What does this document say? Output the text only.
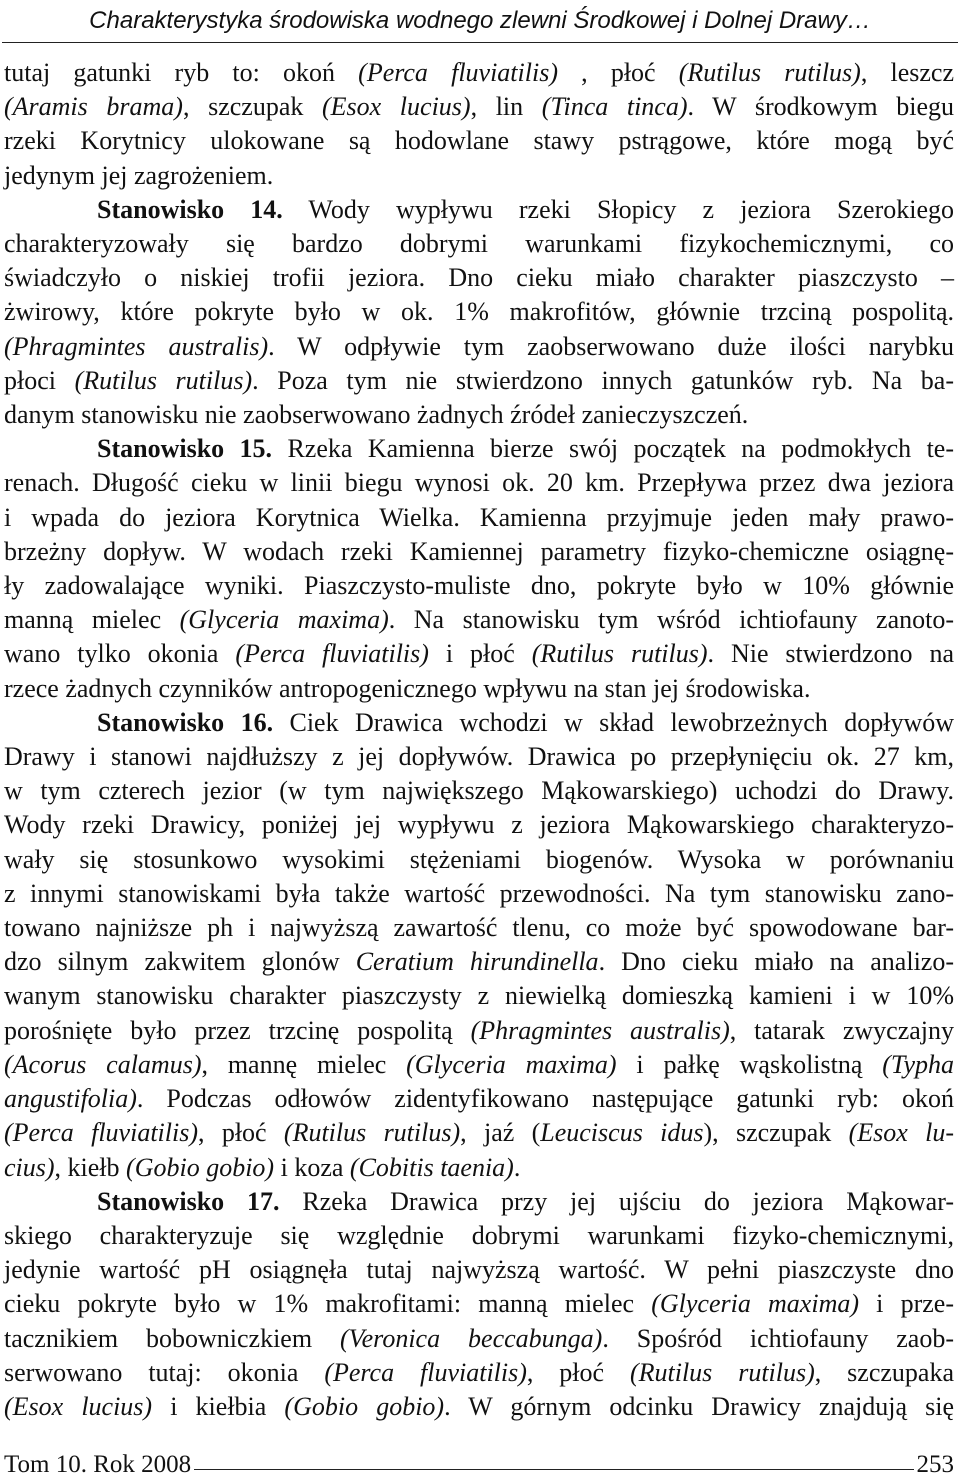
Charakterystyka środowiska wodnego zlewni Środkowej i Dolnej Drawy…
tutaj gatunki ryb to: okoń (Perca fluviatilis) , płoć (Rutilus rutilus), leszcz
(Aramis brama), szczupak (Esox lucius), lin (Tinca tinca). W środkowym biegu
rzeki Korytnicy ulokowane są hodowlane stawy pstrągowe, które mogą być
jedynym jej zagrożeniem.
Stanowisko 14. Wody wypływu rzeki Słopicy z jeziora Szerokiego
charakteryzowały się bardzo dobrymi warunkami fizykochemicznymi, co
świadczyło o niskiej trofii jeziora. Dno cieku miało charakter piaszczysto –
żwirowy, które pokryte było w ok. 1% makrofitów, głównie trzciną pospolitą.
(Phragmintes australis). W odpływie tym zaobserwowano duże ilości narybku
płoci (Rutilus rutilus). Poza tym nie stwierdzono innych gatunków ryb. Na ba-
danym stanowisku nie zaobserwowano żadnych źródeł zanieczyszczeń.
Stanowisko 15. Rzeka Kamienna bierze swój początek na podmokłych te-
renach. Długość cieku w linii biegu wynosi ok. 20 km. Przepływa przez dwa jeziora
i wpada do jeziora Korytnica Wielka. Kamienna przyjmuje jeden mały prawo-
brzeżny dopływ. W wodach rzeki Kamiennej parametry fizyko-chemiczne osiągnę-
ły zadowalające wyniki. Piaszczysto-muliste dno, pokryte było w 10% głównie
manną mielec (Glyceria maxima). Na stanowisku tym wśród ichtiofauny zanoto-
wano tylko okonia (Perca fluviatilis) i płoć (Rutilus rutilus). Nie stwierdzono na
rzece żadnych czynników antropogenicznego wpływu na stan jej środowiska.
Stanowisko 16. Ciek Drawica wchodzi w skład lewobrzeżnych dopływów
Drawy i stanowi najdłuższy z jej dopływów. Drawica po przepłynięciu ok. 27 km,
w tym czterech jezior (w tym największego Mąkowarskiego) uchodzi do Drawy.
Wody rzeki Drawicy, poniżej jej wypływu z jeziora Mąkowarskiego charakteryzo-
wały się stosunkowo wysokimi stężeniami biogenów. Wysoka w porównaniu
z innymi stanowiskami była także wartość przewodności. Na tym stanowisku zano-
towano najniższe ph i najwyższą zawartość tlenu, co może być spowodowane bar-
dzo silnym zakwitem glonów Ceratium hirundinella. Dno cieku miało na analizo-
wanym stanowisku charakter piaszczysty z niewielką domieszką kamieni i w 10%
porośnięte było przez trzcinę pospolitą (Phragmintes australis), tatarak zwyczajny
(Acorus calamus), mannę mielec (Glyceria maxima) i pałkę wąskolistną (Typha
angustifolia). Podczas odłowów zidentyfikowano następujące gatunki ryb: okoń
(Perca fluviatilis), płoć (Rutilus rutilus), jaź (Leuciscus idus), szczupak (Esox lu-
cius), kiełb (Gobio gobio) i koza (Cobitis taenia).
Stanowisko 17. Rzeka Drawica przy jej ujściu do jeziora Mąkowar-
skiego charakteryzuje się względnie dobrymi warunkami fizyko-chemicznymi,
jedynie wartość pH osiągnęła tutaj najwyższą wartość. W pełni piaszczyste dno
cieku pokryte było w 1% makrofitami: manną mielec (Glyceria maxima) i prze-
tacznikiem bobowniczkiem (Veronica beccabunga). Spośród ichtiofauny zaob-
serwowano tutaj: okonia (Perca fluviatilis), płoć (Rutilus rutilus), szczupaka
(Esox lucius) i kiełbia (Gobio gobio). W górnym odcinku Drawicy znajdują się
Tom 10. Rok 2008	253
